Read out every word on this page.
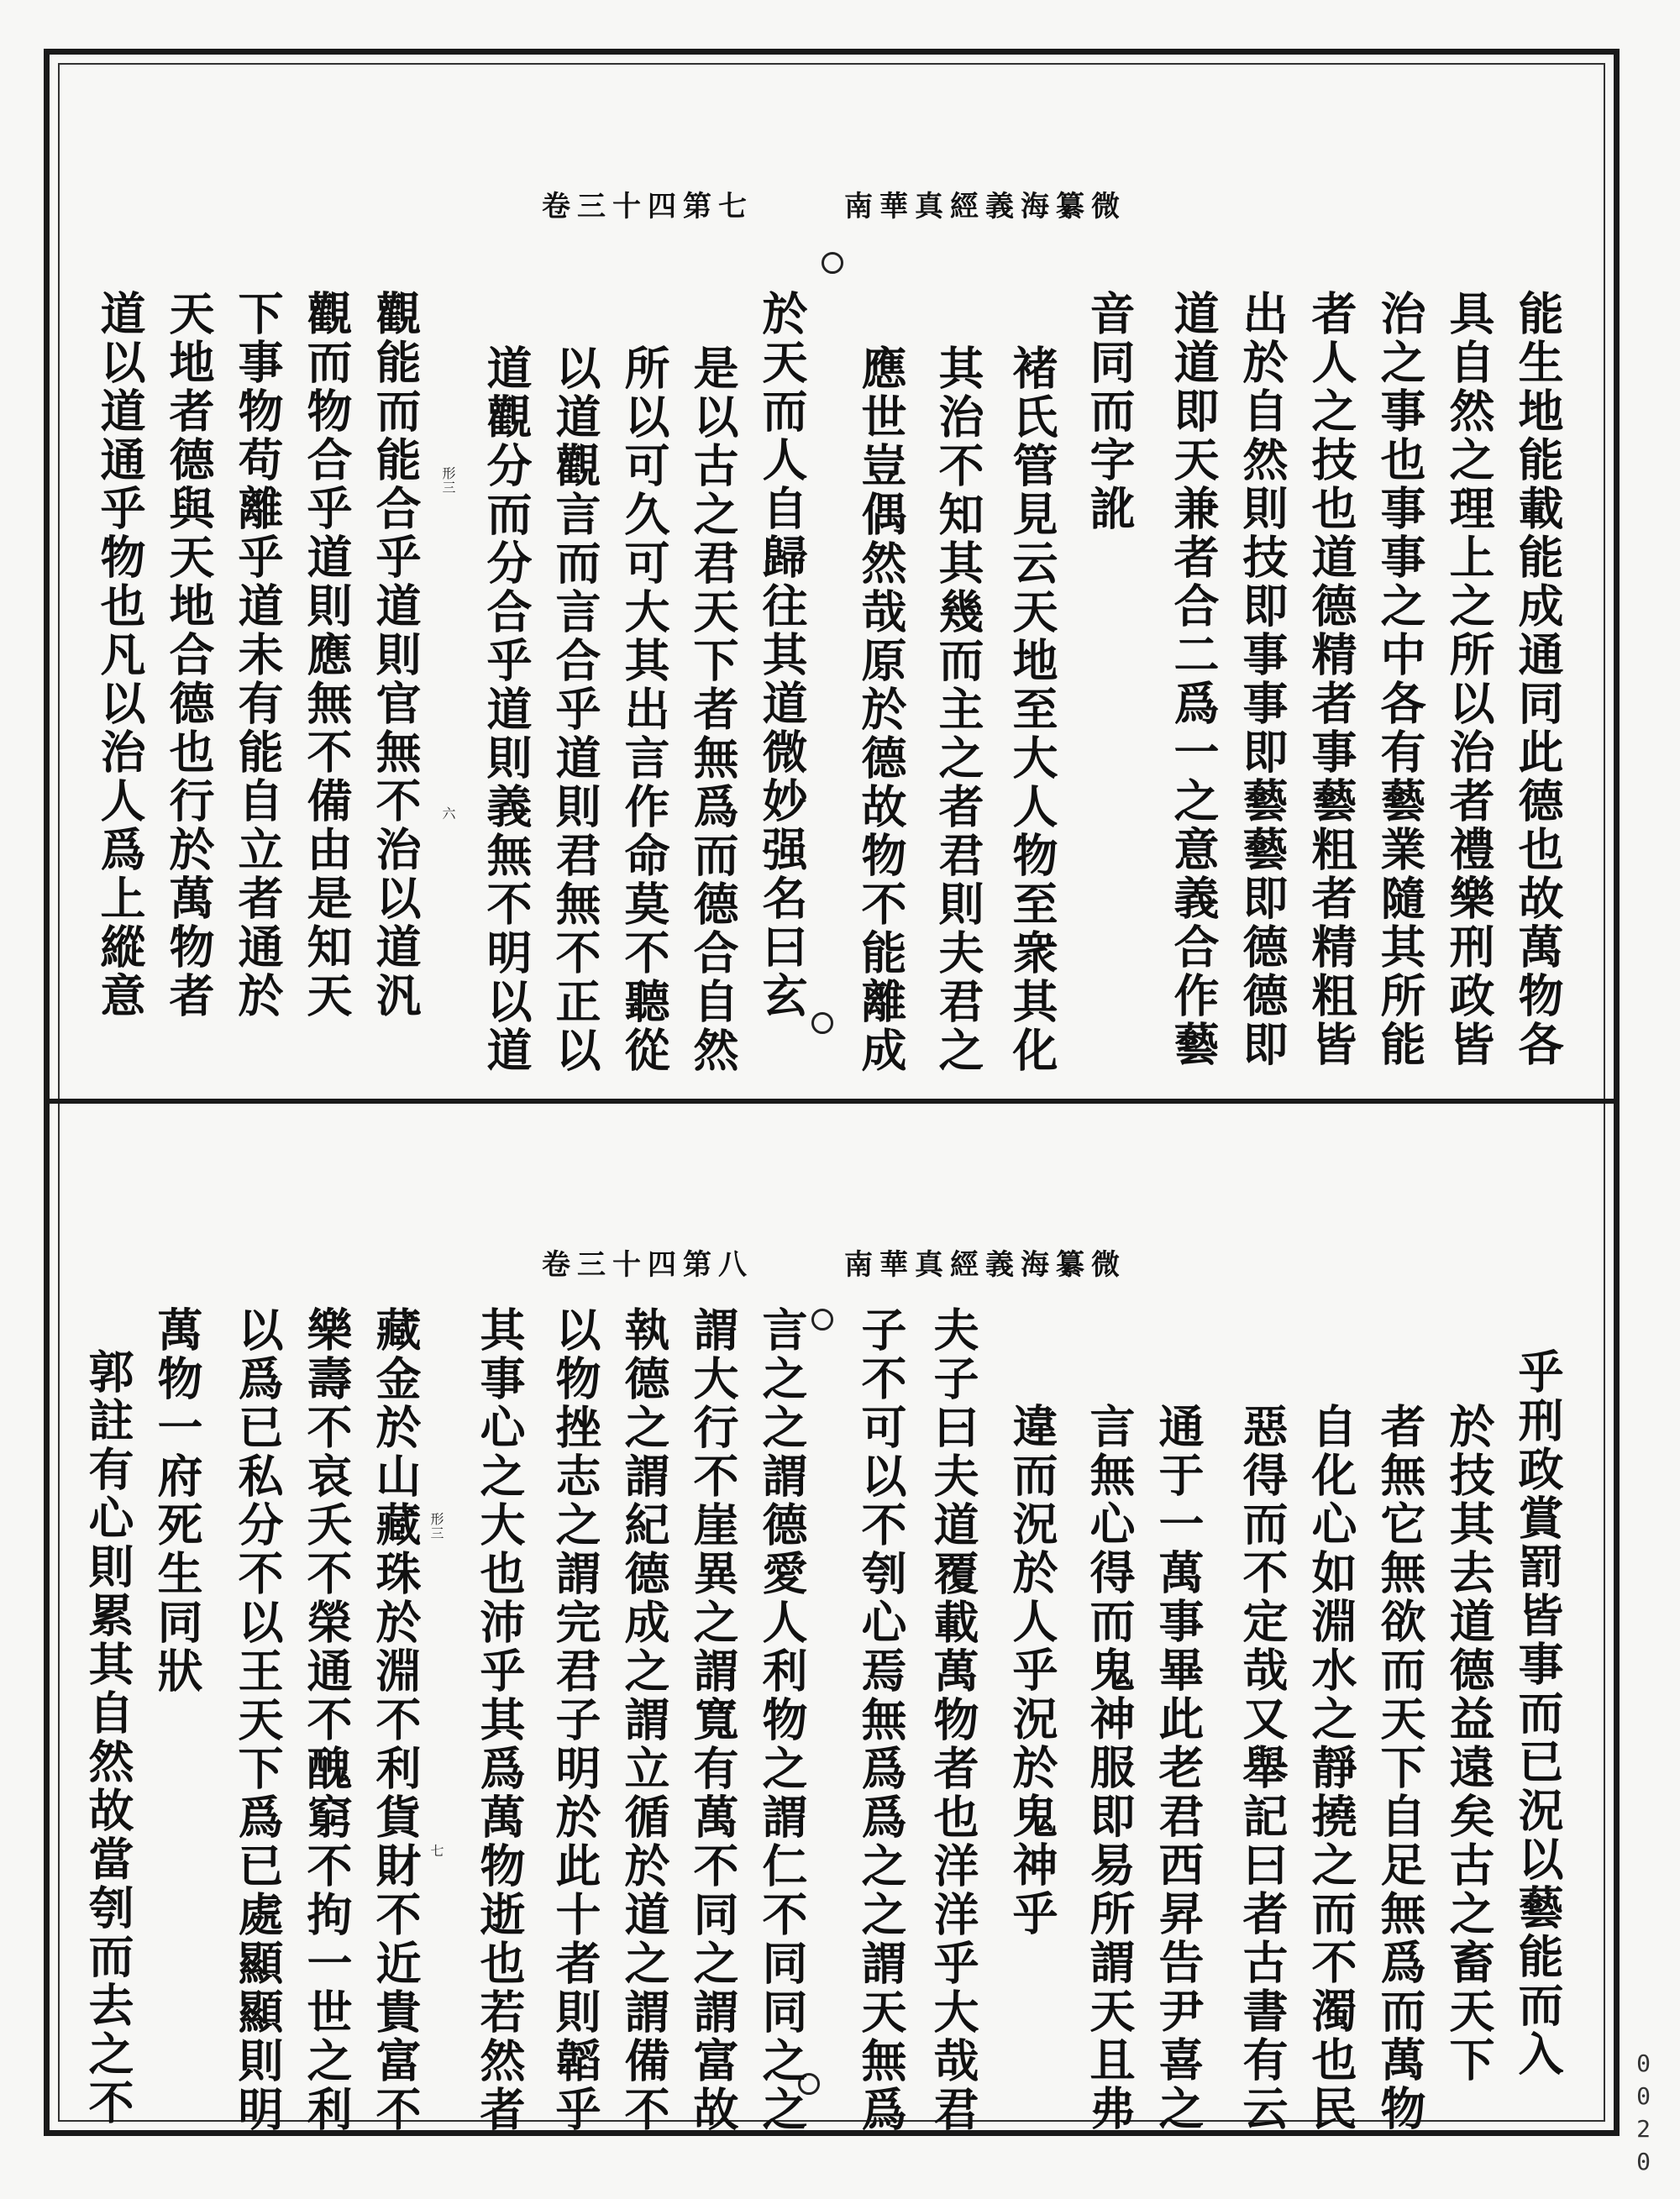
南華真經義海纂微
卷三十四第七
能生地能載能成通同此德也故萬物各
具自然之理上之所以治者禮樂刑政皆
治之事也事事之中各有藝業隨其所能
者人之技也道德精者事藝粗者精粗皆
出於自然則技即事事即藝藝即德德即
道道即天兼者合二爲一之意義合作藝
音同而字訛
褚氏管見云天地至大人物至衆其化
其治不知其幾而主之者君則夫君之
應世豈偶然哉原於德故物不能離成
於天而人自歸往其道微妙强名曰玄
是以古之君天下者無爲而德合自然
所以可久可大其出言作命莫不聽從
以道觀言而言合乎道則君無不正以
道觀分而分合乎道則義無不明以道
觀能而能合乎道則官無不治以道汎
觀而物合乎道則應無不備由是知天
下事物苟離乎道未有能自立者通於
天地者德與天地合德也行於萬物者
道以道通乎物也凡以治人爲上縱意	形三
六
南華真經義海纂微
卷三十四第八
乎刑政賞罰皆事而已況以藝能而入
於技其去道德益遠矣古之畜天下
者無它無欲而天下自足無爲而萬物
自化心如淵水之靜撓之而不濁也民
惡得而不定哉又舉記曰者古書有云
通于一萬事畢此老君西昇告尹喜之
言無心得而鬼神服即易所謂天且弗
違而況於人乎況於鬼神乎
夫子曰夫道覆載萬物者也洋洋乎大哉君
子不可以不刳心焉無爲爲之之謂天無爲
言之之謂德愛人利物之謂仁不同同之之
謂大行不崖異之謂寬有萬不同之謂富故
執德之謂紀德成之謂立循於道之謂備不
以物挫志之謂完君子明於此十者則韜乎
其事心之大也沛乎其爲萬物逝也若然者
藏金於山藏珠於淵不利貨財不近貴富不
樂壽不哀夭不榮通不醜窮不拘一世之利
以爲已私分不以王天下爲已處顯顯則明
萬物一府死生同狀
郭註有心則累其自然故當刳而去之不	形三
七
0020
